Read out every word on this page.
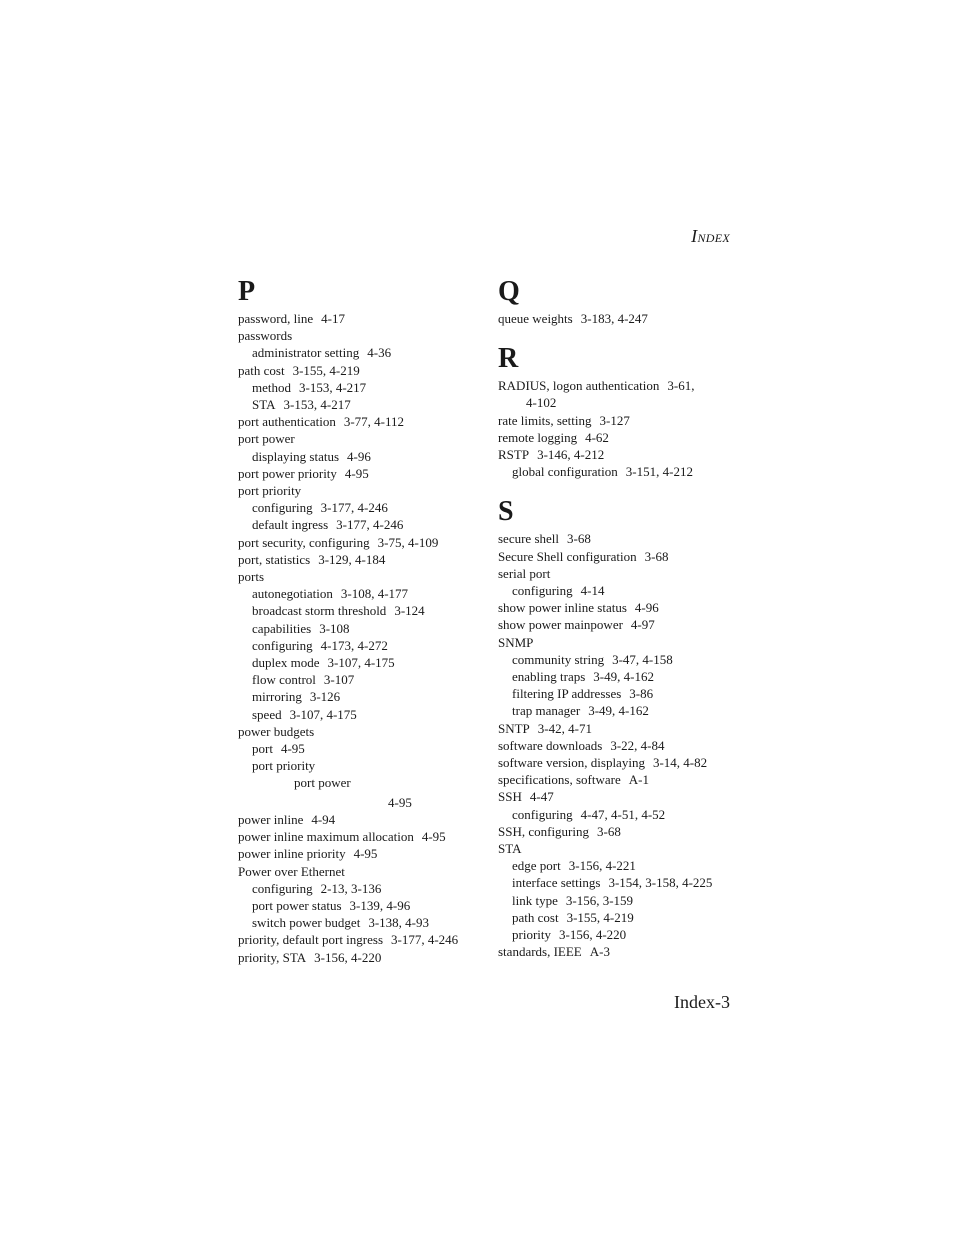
INDEX
P
password, line 4-17
passwords
administrator setting 4-36
path cost 3-155, 4-219
method 3-153, 4-217
STA 3-153, 4-217
port authentication 3-77, 4-112
port power
displaying status 4-96
port power priority 4-95
port priority
configuring 3-177, 4-246
default ingress 3-177, 4-246
port security, configuring 3-75, 4-109
port, statistics 3-129, 4-184
ports
autonegotiation 3-108, 4-177
broadcast storm threshold 3-124
capabilities 3-108
configuring 4-173, 4-272
duplex mode 3-107, 4-175
flow control 3-107
mirroring 3-126
speed 3-107, 4-175
power budgets
port 4-95
port priority
port power
4-95
power inline 4-94
power inline maximum allocation 4-95
power inline priority 4-95
Power over Ethernet
configuring 2-13, 3-136
port power status 3-139, 4-96
switch power budget 3-138, 4-93
priority, default port ingress 3-177, 4-246
priority, STA 3-156, 4-220
Q
queue weights 3-183, 4-247
R
RADIUS, logon authentication 3-61,
4-102
rate limits, setting 3-127
remote logging 4-62
RSTP 3-146, 4-212
global configuration 3-151, 4-212
S
secure shell 3-68
Secure Shell configuration 3-68
serial port
configuring 4-14
show power inline status 4-96
show power mainpower 4-97
SNMP
community string 3-47, 4-158
enabling traps 3-49, 4-162
filtering IP addresses 3-86
trap manager 3-49, 4-162
SNTP 3-42, 4-71
software downloads 3-22, 4-84
software version, displaying 3-14, 4-82
specifications, software A-1
SSH 4-47
configuring 4-47, 4-51, 4-52
SSH, configuring 3-68
STA
edge port 3-156, 4-221
interface settings 3-154, 3-158, 4-225
link type 3-156, 3-159
path cost 3-155, 4-219
priority 3-156, 4-220
standards, IEEE A-3
Index-3
